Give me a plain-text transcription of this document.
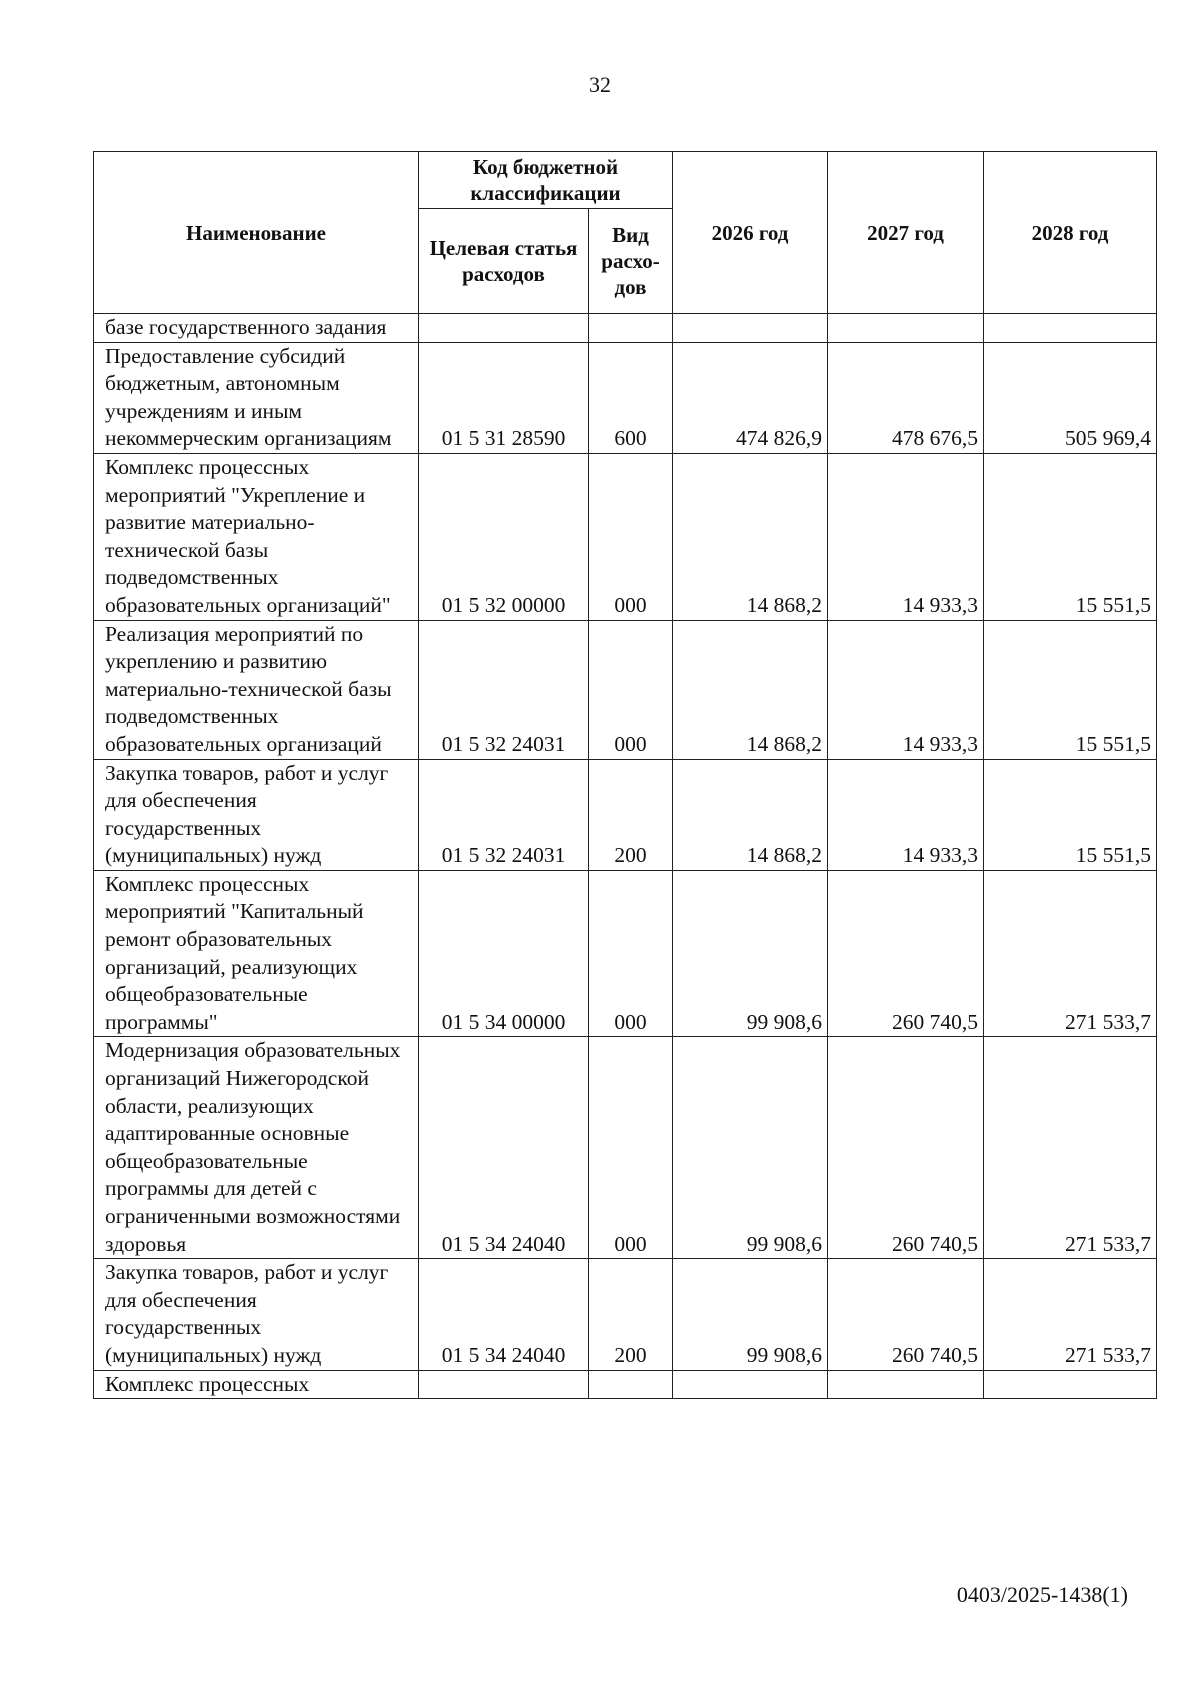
32
Наименование	Код бюджетной классификации		2026 год	2027 год	2028 год
	Целевая статья расходов	Вид расхо-дов			
базе государственного задания					
Предоставление субсидий бюджетным, автономным учреждениям и иным некоммерческим организациям	01 5 31 28590	600	474 826,9	478 676,5	505 969,4
Комплекс процессных мероприятий "Укрепление и развитие материально-технической базы подведомственных образовательных организаций"	01 5 32 00000	000	14 868,2	14 933,3	15 551,5
Реализация мероприятий по укреплению и развитию материально-технической базы подведомственных образовательных организаций	01 5 32 24031	000	14 868,2	14 933,3	15 551,5
Закупка товаров, работ и услуг для обеспечения государственных (муниципальных) нужд	01 5 32 24031	200	14 868,2	14 933,3	15 551,5
Комплекс процессных мероприятий "Капитальный ремонт образовательных организаций, реализующих общеобразовательные программы"	01 5 34 00000	000	99 908,6	260 740,5	271 533,7
Модернизация образовательных организаций Нижегородской области, реализующих адаптированные основные общеобразовательные программы для детей с ограниченными возможностями здоровья	01 5 34 24040	000	99 908,6	260 740,5	271 533,7
Закупка товаров, работ и услуг для обеспечения государственных (муниципальных) нужд	01 5 34 24040	200	99 908,6	260 740,5	271 533,7
Комплекс процессных					
0403/2025-1438(1)
